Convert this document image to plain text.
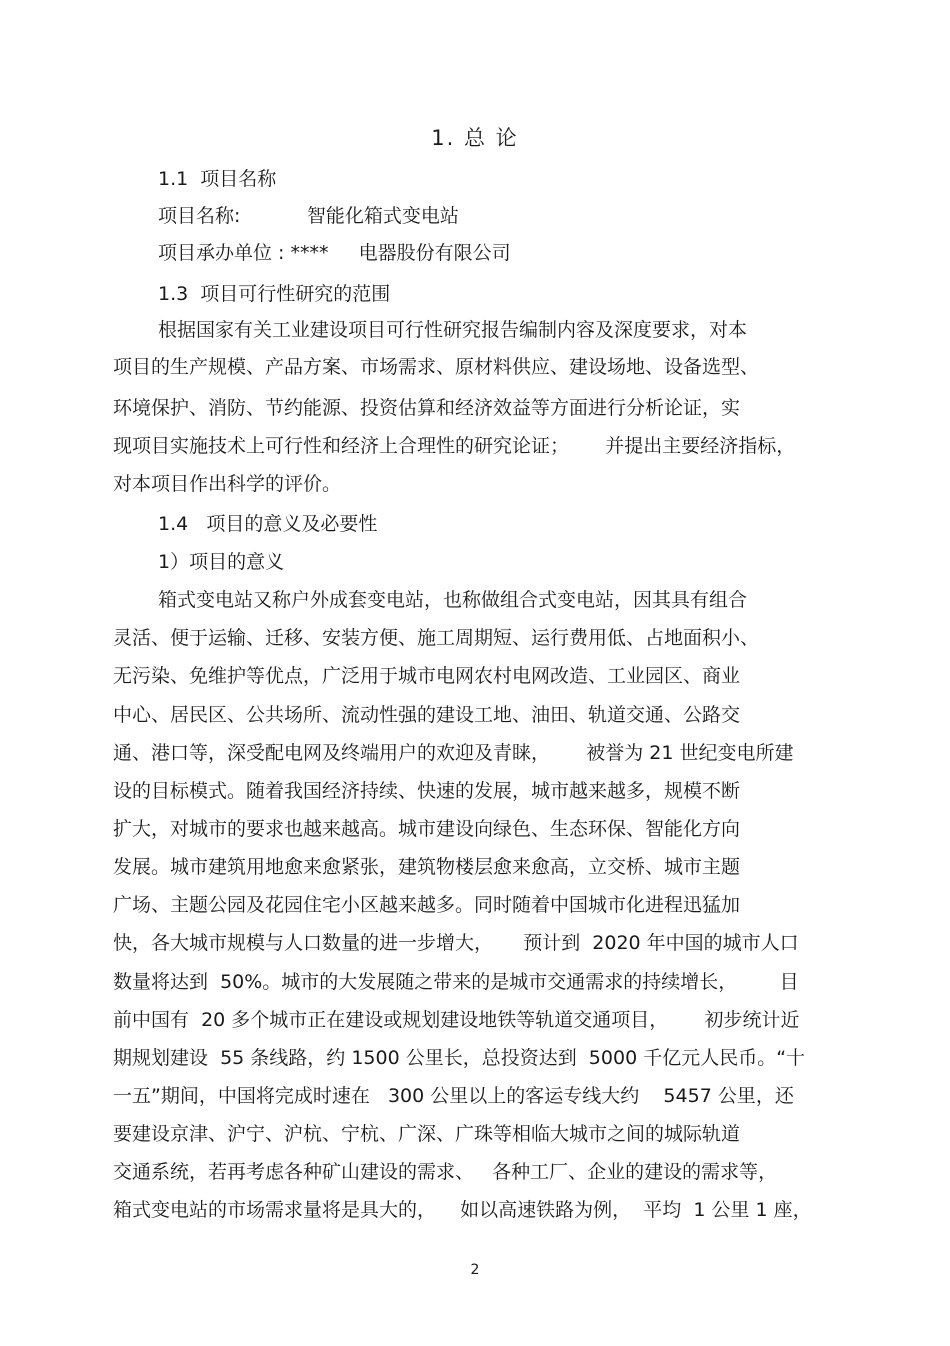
1. 总 论
1.1  项目名称
项目名称:           智能化箱式变电站
项目承办单位 : ****     电器股份有限公司
1.3  项目可行性研究的范围
根据国家有关工业建设项目可行性研究报告编制内容及深度要求，对本
项目的生产规模、产品方案、市场需求、原材料供应、建设场地、设备选型、
环境保护、消防、节约能源、投资估算和经济效益等方面进行分析论证，实
现项目实施技术上可行性和经济上合理性的研究论证；      并提出主要经济指标，
对本项目作出科学的评价。
1.4   项目的意义及必要性
1）项目的意义
箱式变电站又称户外成套变电站，也称做组合式变电站，因其具有组合
灵活、便于运输、迁移、安装方便、施工周期短、运行费用低、占地面积小、
无污染、免维护等优点，广泛用于城市电网农村电网改造、工业园区、商业
中心、居民区、公共场所、流动性强的建设工地、油田、轨道交通、公路交
通、港口等，深受配电网及终端用户的欢迎及青睐，      被誉为 21 世纪变电所建
设的目标模式。随着我国经济持续、快速的发展，城市越来越多，规模不断
扩大，对城市的要求也越来越高。城市建设向绿色、生态环保、智能化方向
发展。城市建筑用地愈来愈紧张，建筑物楼层愈来愈高，立交桥、城市主题
广场、主题公园及花园住宅小区越来越多。同时随着中国城市化进程迅猛加
快，各大城市规模与人口数量的进一步增大，     预计到  2020 年中国的城市人口
数量将达到  50%。城市的大发展随之带来的是城市交通需求的持续增长，       目
前中国有  20 多个城市正在建设或规划建设地铁等轨道交通项目，      初步统计近
期规划建设  55 条线路，约 1500 公里长，总投资达到  5000 千亿元人民币。“十
一五”期间，中国将完成时速在   300 公里以上的客运专线大约    5457 公里，还
要建设京津、沪宁、沪杭、宁杭、广深、广珠等相临大城市之间的城际轨道
交通系统，若再考虑各种矿山建设的需求、   各种工厂、企业的建设的需求等，
箱式变电站的市场需求量将是具大的，    如以高速铁路为例，  平均  1 公里 1 座，
2
